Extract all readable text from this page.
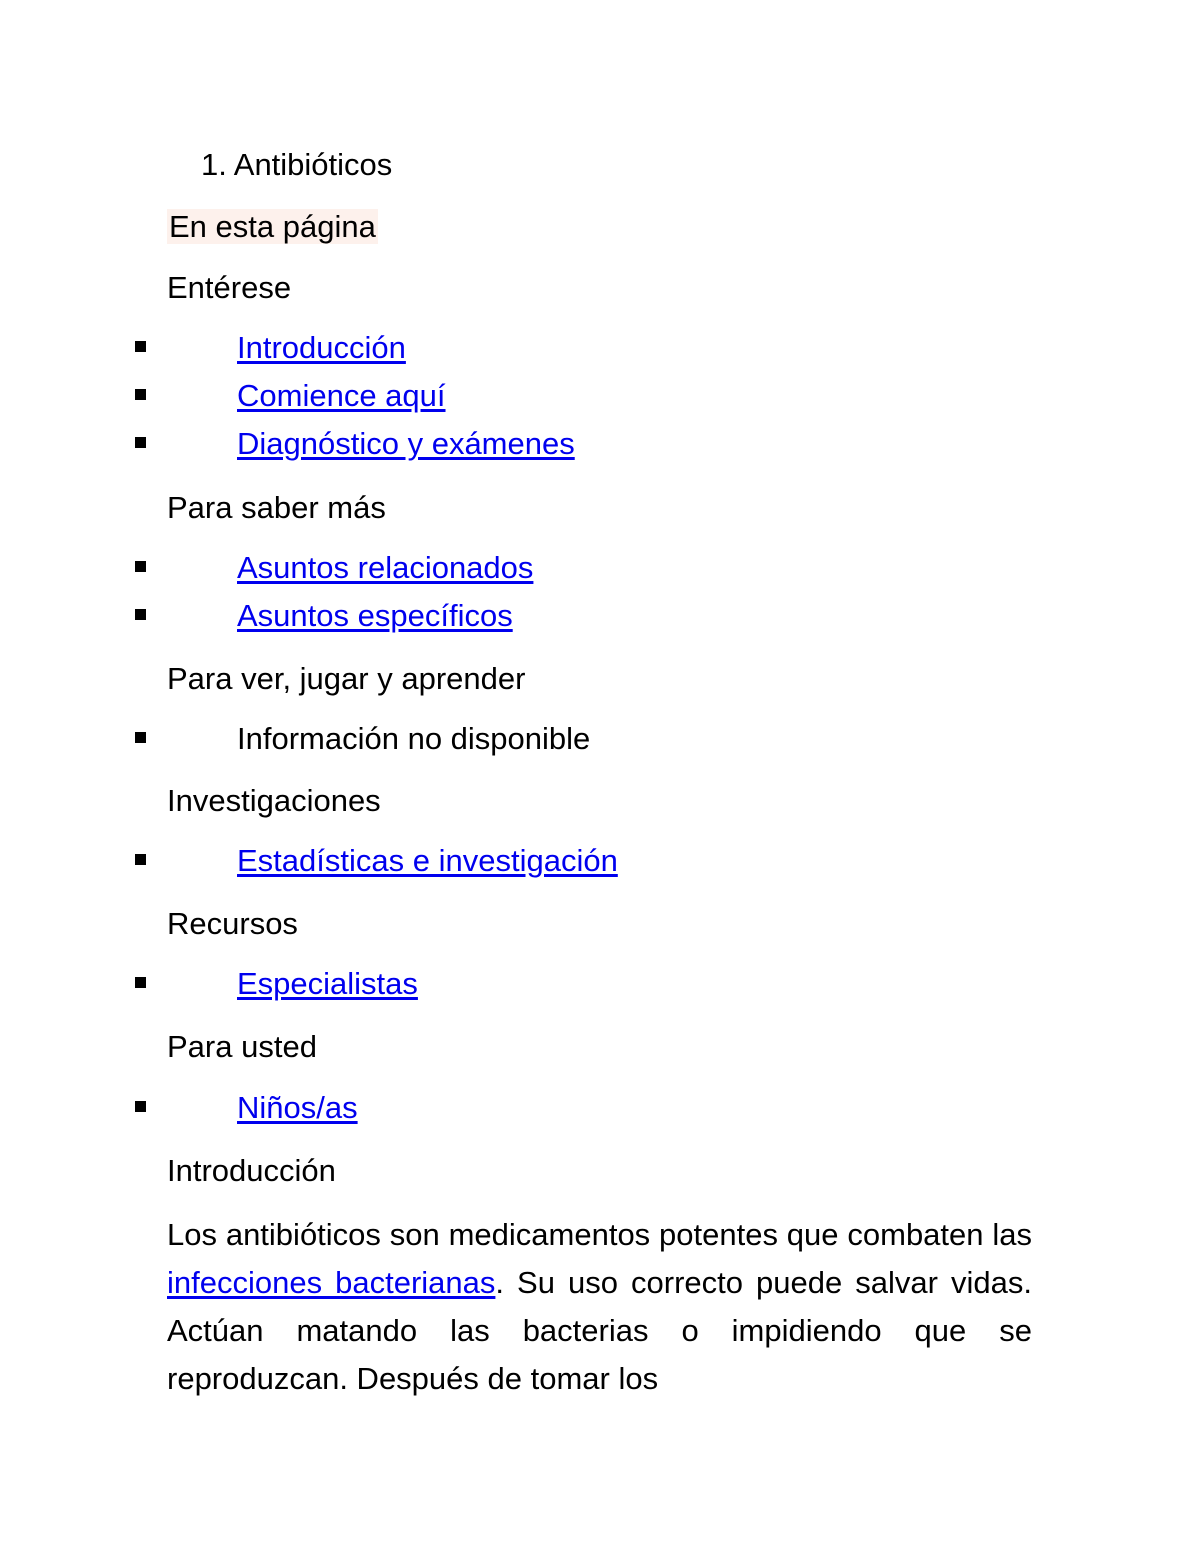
1. Antibióticos

En esta página

Entérese

Introducción
Comience aquí
Diagnóstico y exámenes

Para saber más

Asuntos relacionados
Asuntos específicos

Para ver, jugar y aprender

Información no disponible

Investigaciones

Estadísticas e investigación

Recursos

Especialistas

Para usted

Niños/as

Introducción

Los antibióticos son medicamentos potentes que combaten las infecciones bacterianas. Su uso correcto puede salvar vidas. Actúan matando las bacterias o impidiendo que se reproduzcan. Después de tomar los
